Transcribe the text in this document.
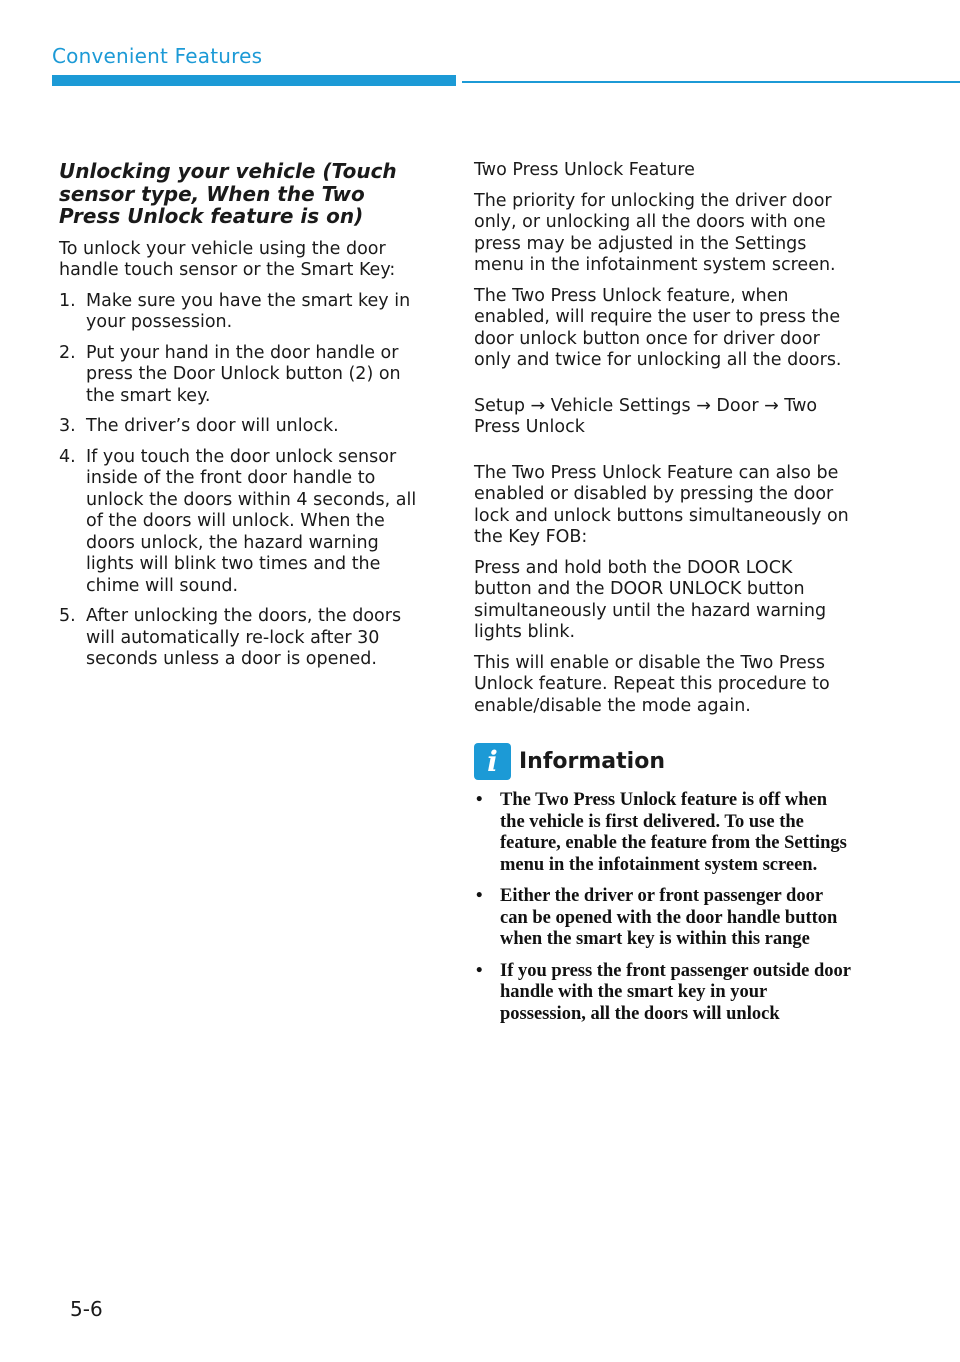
Convenient Features
Unlocking your vehicle (Touch sensor type, When the Two Press Unlock feature is on)

To unlock your vehicle using the door handle touch sensor or the Smart Key:

1. Make sure you have the smart key in your possession.
2. Put your hand in the door handle or press the Door Unlock button (2) on the smart key.
3. The driver’s door will unlock.
4. If you touch the door unlock sensor inside of the front door handle to unlock the doors within 4 seconds, all of the doors will unlock. When the doors unlock, the hazard warning lights will blink two times and the chime will sound.
5. After unlocking the doors, the doors will automatically re-lock after 30 seconds unless a door is opened.

Two Press Unlock Feature

The priority for unlocking the driver door only, or unlocking all the doors with one press may be adjusted in the Settings menu in the infotainment system screen.

The Two Press Unlock feature, when enabled, will require the user to press the door unlock button once for driver door only and twice for unlocking all the doors.

Setup → Vehicle Settings → Door → Two Press Unlock

The Two Press Unlock Feature can also be enabled or disabled by pressing the door lock and unlock buttons simultaneously on the Key FOB:

Press and hold both the DOOR LOCK button and the DOOR UNLOCK button simultaneously until the hazard warning lights blink.

This will enable or disable the Two Press Unlock feature. Repeat this procedure to enable/disable the mode again.

i Information
• The Two Press Unlock feature is off when the vehicle is first delivered. To use the feature, enable the feature from the Settings menu in the infotainment system screen.
• Either the driver or front passenger door can be opened with the door handle button when the smart key is within this range
• If you press the front passenger outside door handle with the smart key in your possession, all the doors will unlock
5-6
